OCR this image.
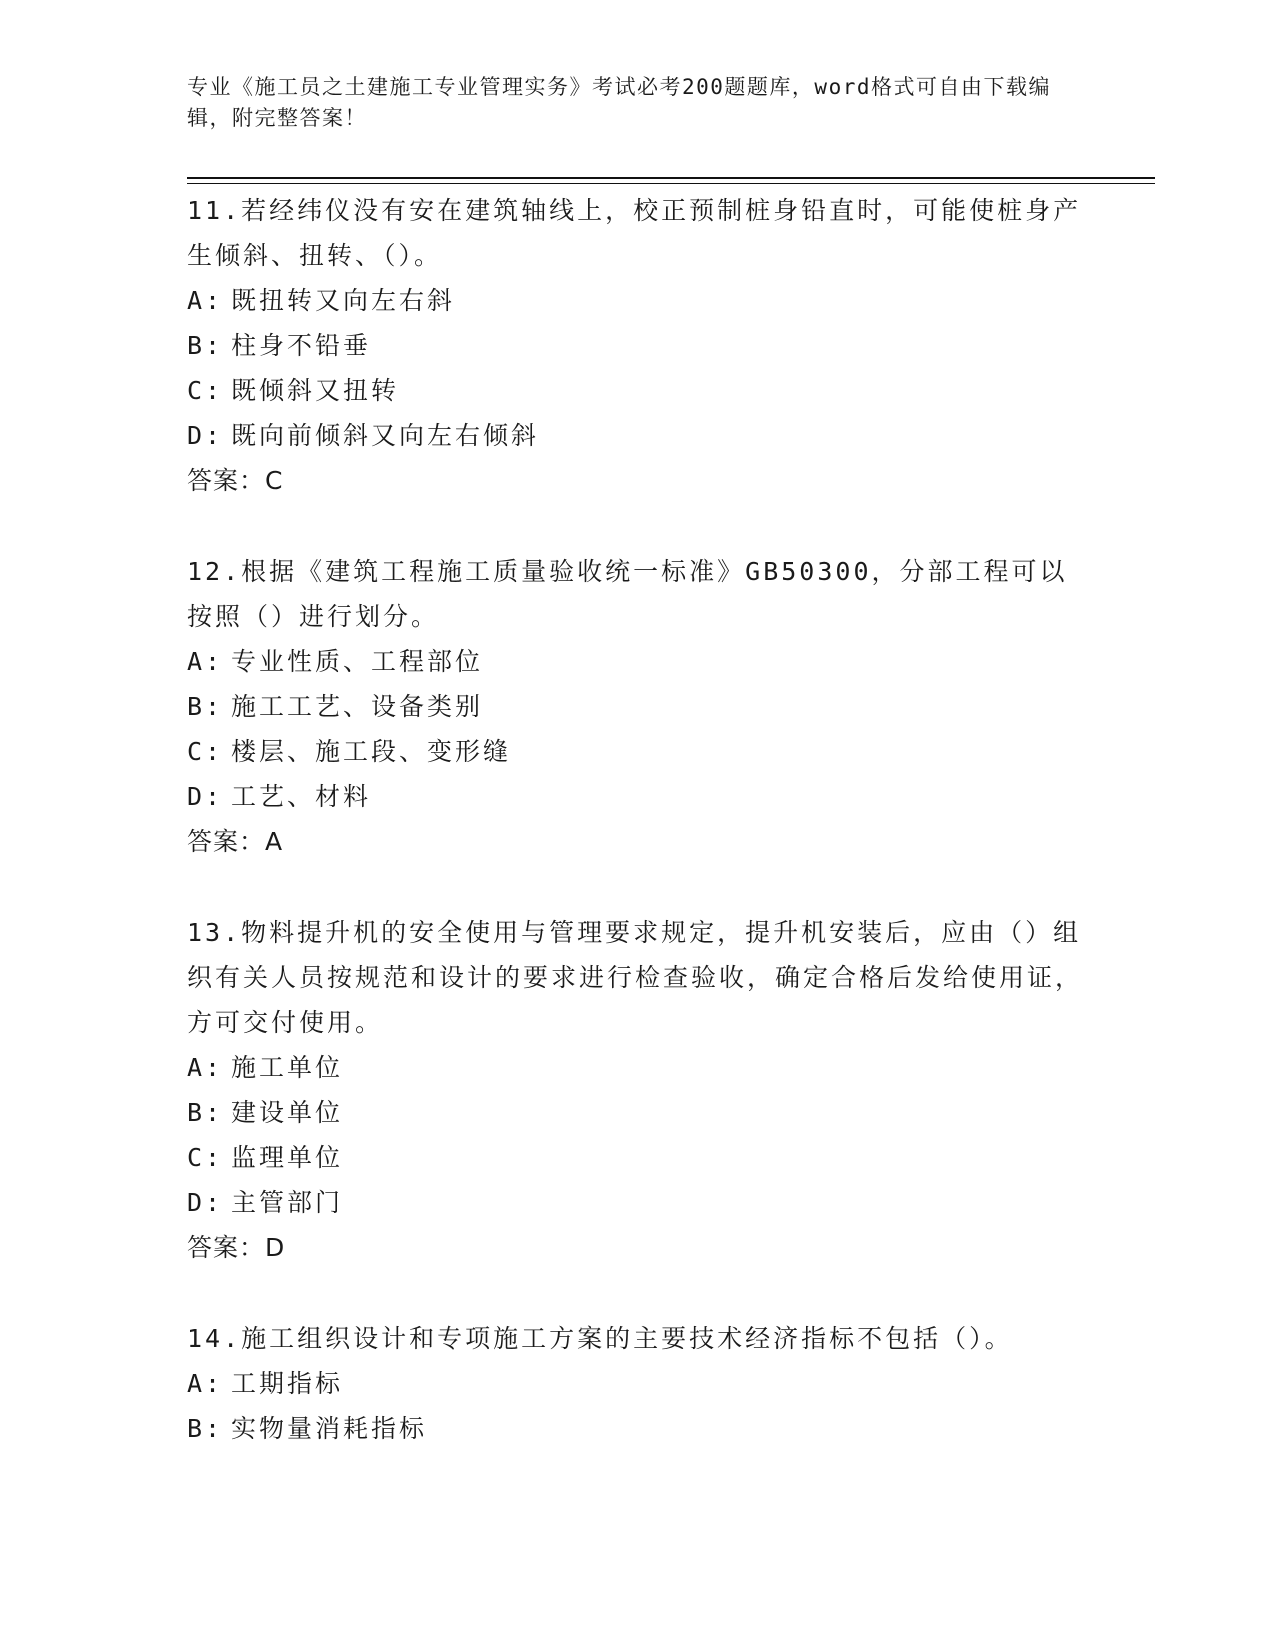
专业《施工员之土建施工专业管理实务》考试必考200题题库，word格式可自由下载编辑，附完整答案！
11.若经纬仪没有安在建筑轴线上，校正预制桩身铅直时，可能使桩身产生倾斜、扭转、（）。
A: 既扭转又向左右斜
B: 柱身不铅垂
C: 既倾斜又扭转
D: 既向前倾斜又向左右倾斜
答案：C
12.根据《建筑工程施工质量验收统一标准》GB50300，分部工程可以按照（）进行划分。
A: 专业性质、工程部位
B: 施工工艺、设备类别
C: 楼层、施工段、变形缝
D: 工艺、材料
答案：A
13.物料提升机的安全使用与管理要求规定，提升机安装后，应由（）组织有关人员按规范和设计的要求进行检查验收，确定合格后发给使用证，方可交付使用。
A: 施工单位
B: 建设单位
C: 监理单位
D: 主管部门
答案：D
14.施工组织设计和专项施工方案的主要技术经济指标不包括（）。
A: 工期指标
B: 实物量消耗指标
